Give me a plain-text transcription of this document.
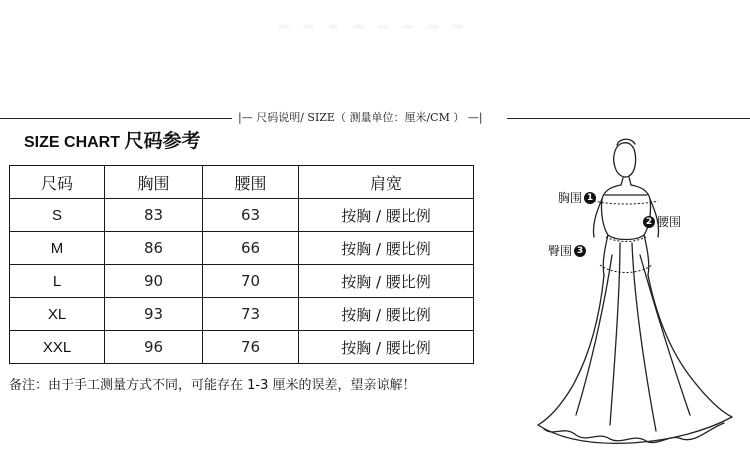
~ ~ ~ ~ ~ ~ ~ ~
|— 尺码说明/ SIZE（ 测量单位：厘米/CM ） —|
SIZE CHART 尺码参考
尺码	胸围	腰围	肩宽
S	83	63	按胸 / 腰比例
M	86	66	按胸 / 腰比例
L	90	70	按胸 / 腰比例
XL	93	73	按胸 / 腰比例
XXL	96	76	按胸 / 腰比例
备注：由于手工测量方式不同，可能存在 1-3 厘米的误差，望亲谅解！
胸围 1
2 腰围
臀围 3
